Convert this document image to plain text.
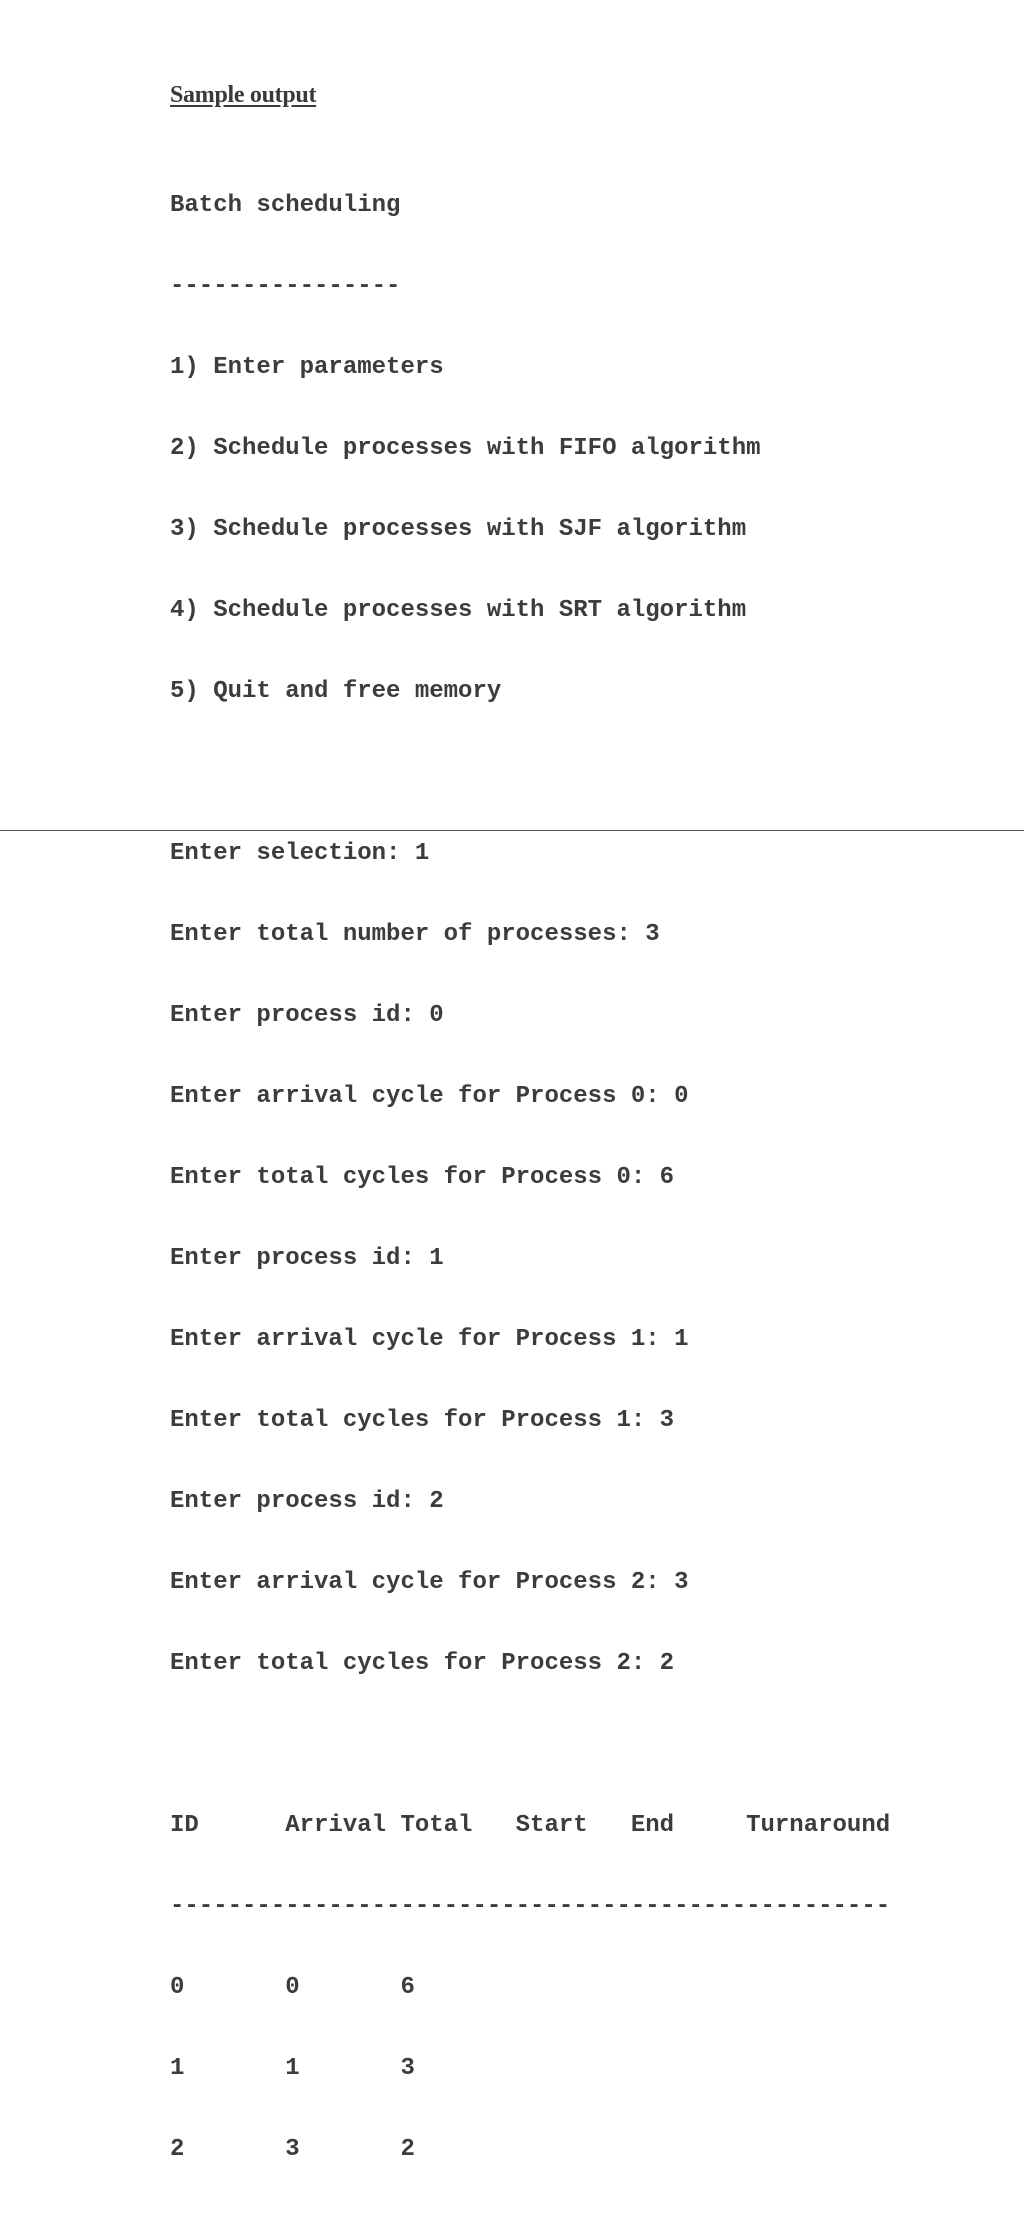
Sample output

Batch scheduling

----------------

1) Enter parameters

2) Schedule processes with FIFO algorithm

3) Schedule processes with SJF algorithm

4) Schedule processes with SRT algorithm

5) Quit and free memory

Enter selection: 1

Enter total number of processes: 3

Enter process id: 0

Enter arrival cycle for Process 0: 0

Enter total cycles for Process 0: 6

Enter process id: 1

Enter arrival cycle for Process 1: 1

Enter total cycles for Process 1: 3

Enter process id: 2

Enter arrival cycle for Process 2: 3

Enter total cycles for Process 2: 2

ID      Arrival Total   Start   End     Turnaround

--------------------------------------------------

0       0       6

1       1       3

2       3       2
